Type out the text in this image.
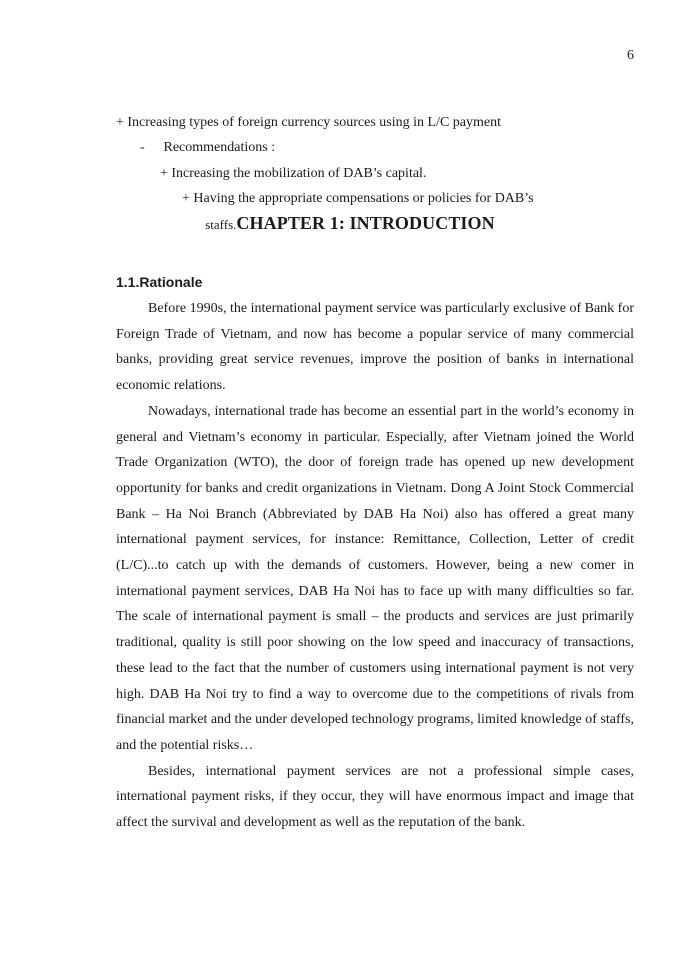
6
+ Increasing types of foreign currency sources using in L/C payment
- Recommendations :
+ Increasing the mobilization of DAB’s capital.
+ Having the appropriate compensations or policies for DAB’s
staffs.CHAPTER 1: INTRODUCTION
1.1.Rationale

Before 1990s, the international payment service was particularly exclusive of Bank for Foreign Trade of Vietnam, and now has become a popular service of many commercial banks, providing great service revenues, improve the position of banks in international economic relations.

Nowadays, international trade has become an essential part in the world’s economy in general and Vietnam’s economy in particular. Especially, after Vietnam joined the World Trade Organization (WTO), the door of foreign trade has opened up new development opportunity for banks and credit organizations in Vietnam. Dong A Joint Stock Commercial Bank – Ha Noi Branch (Abbreviated by DAB Ha Noi) also has offered a great many international payment services, for instance: Remittance, Collection, Letter of credit (L/C)...to catch up with the demands of customers. However, being a new comer in international payment services, DAB Ha Noi has to face up with many difficulties so far. The scale of international payment is small – the products and services are just primarily traditional, quality is still poor showing on the low speed and inaccuracy of transactions, these lead to the fact that the number of customers using international payment is not very high. DAB Ha Noi try to find a way to overcome due to the competitions of rivals from financial market and the under developed technology programs, limited knowledge of staffs, and the potential risks…

Besides, international payment services are not a professional simple cases, international payment risks, if they occur, they will have enormous impact and image that affect the survival and development as well as the reputation of the bank.
